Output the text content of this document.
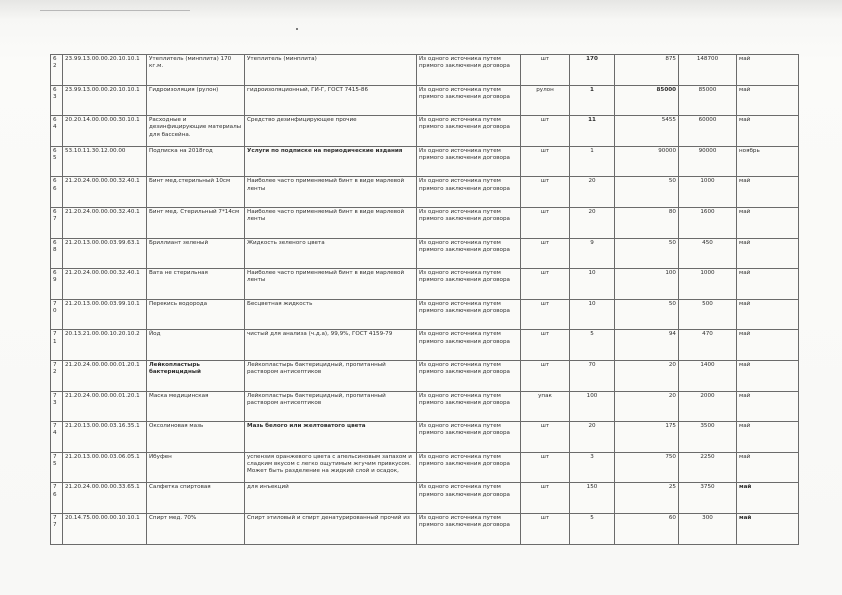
62	23.99.13.00.00.20.10.10.1	Утеплитель (минплита) 170 кг.м.	Утеплитель (минплита)	Из одного источника путем прямого заключения договора	шт	170	875	148700	май
63	23.99.13.00.00.20.10.10.1	Гидроизоляция (рулон)	гидроизоляционный, ГИ-Г, ГОСТ 7415-86	Из одного источника путем прямого заключения договора	рулон	1	85000	85000	май
64	20.20.14.00.00.00.30.10.1	Расходные и дезинфицирующие материалы для бассейна.	Средство дезинфицирующее прочие	Из одного источника путем прямого заключения договора	шт	11	5455	60000	май
65	53.10.11.30.12.00.00	Подписка на 2018год	Услуги по подписке на периодические издания	Из одного источника путем прямого заключения договора	шт	1	90000	90000	ноябрь
66	21.20.24.00.00.00.32.40.1	Бинт мед.стерильный 10см	Наиболее часто применяемый бинт в виде марлевой ленты	Из одного источника путем прямого заключения договора	шт	20	50	1000	май
67	21.20.24.00.00.00.32.40.1	Бинт мед. Стерильный 7*14см	Наиболее часто применяемый бинт в виде марлевой ленты	Из одного источника путем прямого заключения договора	шт	20	80	1600	май
68	21.20.13.00.00.03.99.63.1	Бриллиант зеленый	Жидкость зеленого цвета	Из одного источника путем прямого заключения договора	шт	9	50	450	май
69	21.20.24.00.00.00.32.40.1	Вата не стерильная	Наиболее часто применяемый бинт в виде марлевой ленты	Из одного источника путем прямого заключения договора	шт	10	100	1000	май
70	21.20.13.00.00.03.99.10.1	Перекись водорода	Бесцветная жидкость	Из одного источника путем прямого заключения договора	шт	10	50	500	май
71	20.13.21.00.00.10.20.10.2	Йод	чистый для анализа (ч.д.а), 99,9%, ГОСТ 4159-79	Из одного источника путем прямого заключения договора	шт	5	94	470	май
72	21.20.24.00.00.00.01.20.1	Лейкопластырь бактерицидный	Лейкопластырь бактерицидный, пропитанный раствором антисептиков	Из одного источника путем прямого заключения договора	шт	70	20	1400	май
73	21.20.24.00.00.00.01.20.1	Маска медицинская	Лейкопластырь бактерицидный, пропитанный раствором антисептиков	Из одного источника путем прямого заключения договора	упак	100	20	2000	май
74	21.20.13.00.00.03.16.35.1	Оксолиновая мазь	Мазь белого или желтоватого цвета	Из одного источника путем прямого заключения договора	шт	20	175	3500	май
75	21.20.13.00.00.03.06.05.1	Ибуфен	успензия оранжевого цвета с апельсиновым запахом и сладким вкусом с легко ощутимым жгучим привкусом. Может быть разделение на жидкий слой и осадок,	Из одного источника путем прямого заключения договора	шт	3	750	2250	май
76	21.20.24.00.00.00.33.65.1	Салфетка спиртовая	для инъекций	Из одного источника путем прямого заключения договора	шт	150	25	3750	май
77	20.14.75.00.00.00.10.10.1	Спирт мед. 70%	Спирт этиловый и спирт денатурированный прочий из	Из одного источника путем прямого заключения договора	шт	5	60	300	май
